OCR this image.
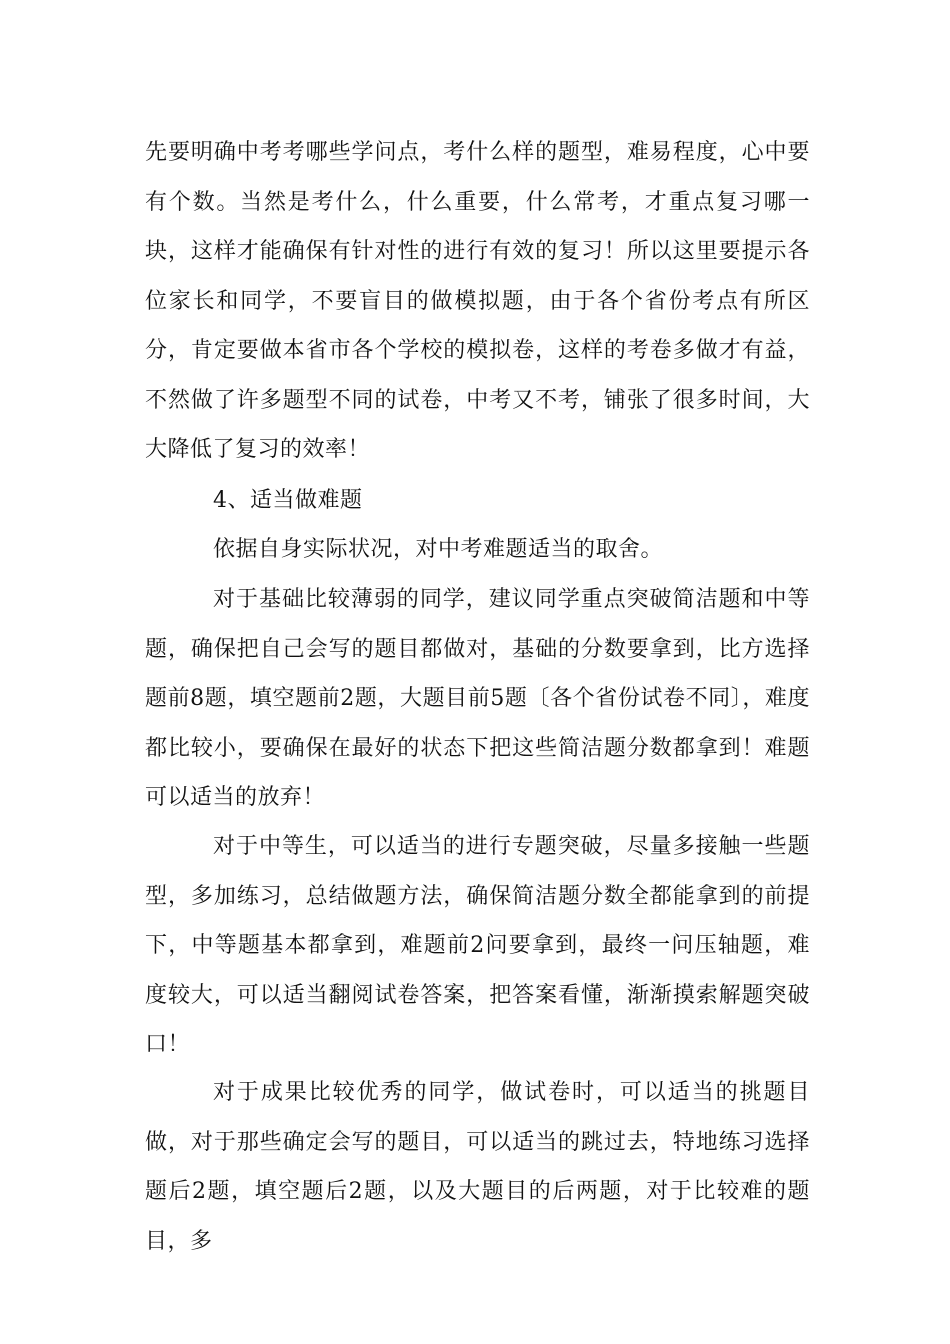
先要明确中考考哪些学问点，考什么样的题型，难易程度，心中要有个数。当然是考什么，什么重要，什么常考，才重点复习哪一块，这样才能确保有针对性的进行有效的复习！所以这里要提示各位家长和同学，不要盲目的做模拟题，由于各个省份考点有所区分，肯定要做本省市各个学校的模拟卷，这样的考卷多做才有益，不然做了许多题型不同的试卷，中考又不考，铺张了很多时间，大大降低了复习的效率！

4、适当做难题

依据自身实际状况，对中考难题适当的取舍。

对于基础比较薄弱的同学，建议同学重点突破简洁题和中等题，确保把自己会写的题目都做对，基础的分数要拿到，比方选择题前8题，填空题前2题，大题目前5题〔各个省份试卷不同〕，难度都比较小，要确保在最好的状态下把这些简洁题分数都拿到！难题可以适当的放弃！

对于中等生，可以适当的进行专题突破，尽量多接触一些题型，多加练习，总结做题方法，确保简洁题分数全都能拿到的前提下，中等题基本都拿到，难题前2问要拿到，最终一问压轴题，难度较大，可以适当翻阅试卷答案，把答案看懂，渐渐摸索解题突破口！

对于成果比较优秀的同学，做试卷时，可以适当的挑题目做，对于那些确定会写的题目，可以适当的跳过去，特地练习选择题后2题，填空题后2题，以及大题目的后两题，对于比较难的题目，多
